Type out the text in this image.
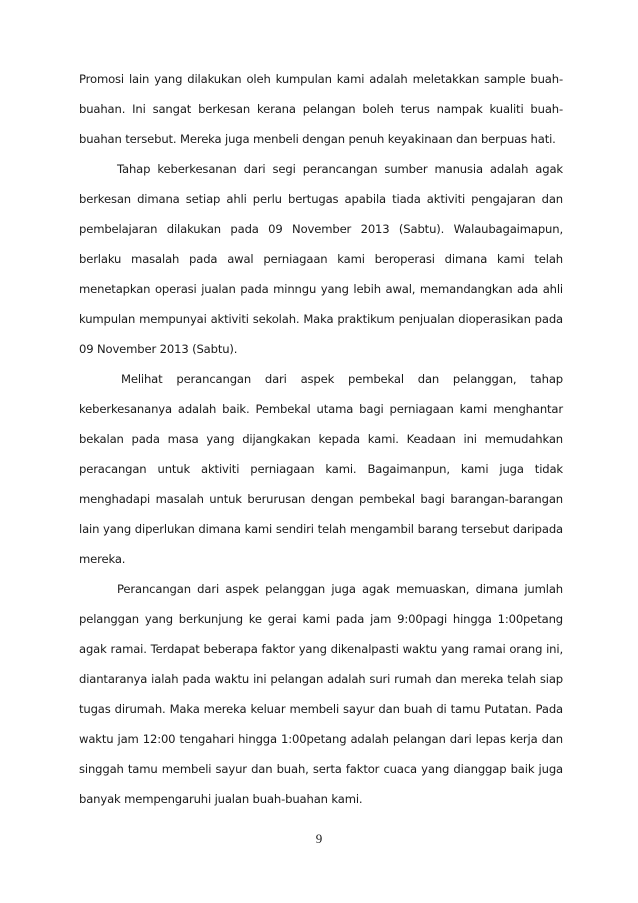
Promosi lain yang dilakukan oleh kumpulan kami adalah meletakkan sample buah-buahan. Ini sangat berkesan kerana pelangan boleh terus nampak kualiti buah-buahan tersebut. Mereka juga menbeli dengan penuh keyakinaan dan berpuas hati.

Tahap keberkesanan dari segi perancangan sumber manusia adalah agak berkesan dimana setiap ahli perlu bertugas apabila tiada aktiviti pengajaran dan pembelajaran dilakukan pada 09 November 2013 (Sabtu). Walaubagaimapun, berlaku masalah pada awal perniagaan kami beroperasi dimana kami telah menetapkan operasi jualan pada minngu yang lebih awal, memandangkan ada ahli kumpulan mempunyai aktiviti sekolah. Maka praktikum penjualan dioperasikan pada 09 November 2013 (Sabtu).

Melihat perancangan dari aspek pembekal dan pelanggan, tahap keberkesananya adalah baik. Pembekal utama bagi perniagaan kami menghantar bekalan pada masa yang dijangkakan kepada kami. Keadaan ini memudahkan peracangan untuk aktiviti perniagaan kami. Bagaimanpun, kami juga tidak menghadapi masalah untuk berurusan dengan pembekal bagi barangan-barangan lain yang diperlukan dimana kami sendiri telah mengambil barang tersebut daripada mereka.

Perancangan dari aspek pelanggan juga agak memuaskan, dimana jumlah pelanggan yang berkunjung ke gerai kami pada jam 9:00pagi hingga 1:00petang agak ramai. Terdapat beberapa faktor yang dikenalpasti waktu yang ramai orang ini, diantaranya ialah pada waktu ini pelangan adalah suri rumah dan mereka telah siap tugas dirumah. Maka mereka keluar membeli sayur dan buah di tamu Putatan. Pada waktu jam 12:00 tengahari hingga 1:00petang adalah pelangan dari lepas kerja dan singgah tamu membeli sayur dan buah, serta faktor cuaca yang dianggap baik juga banyak mempengaruhi jualan buah-buahan kami.

9
